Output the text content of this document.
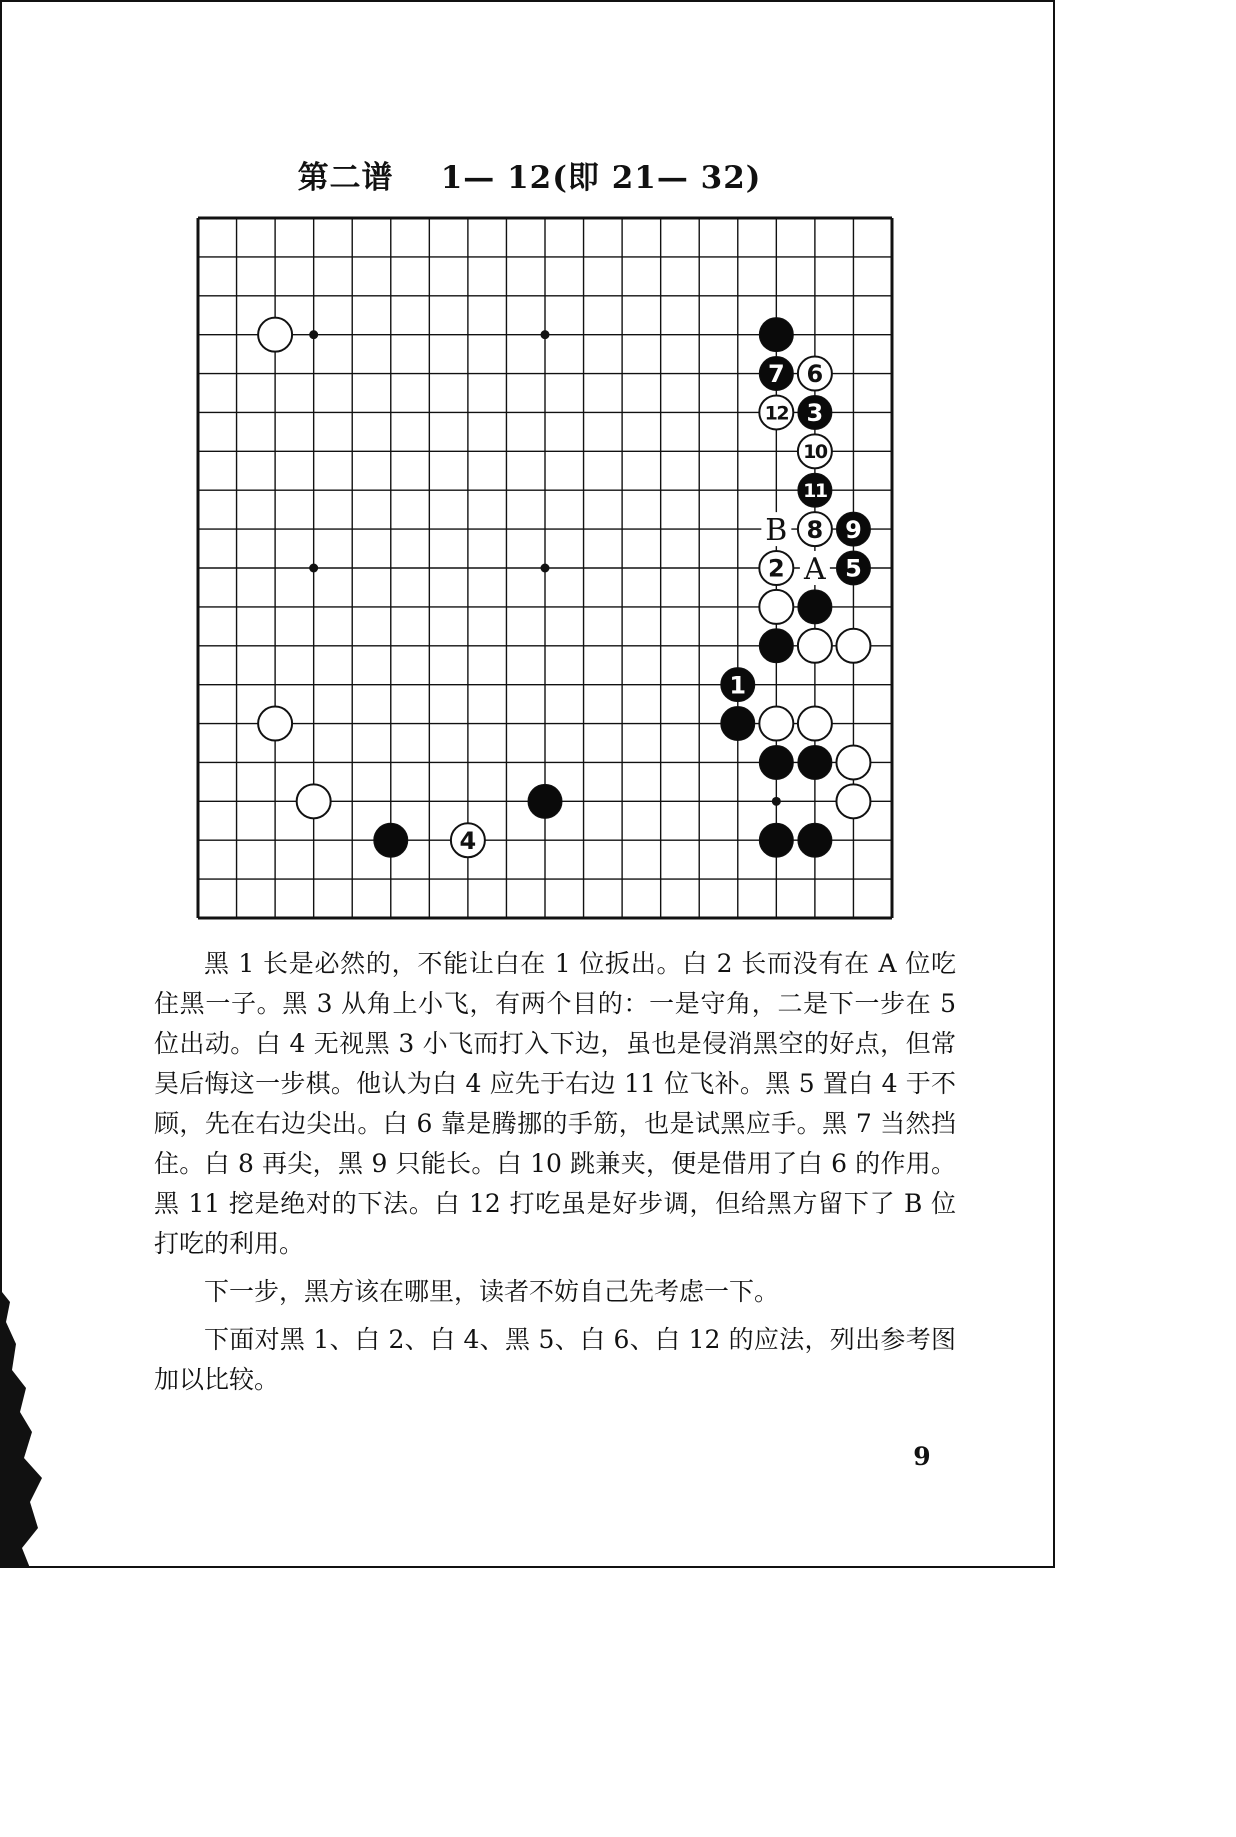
第二谱    1— 12(即 21— 32)
B
A
7 6
12 3
10
11
8 9
2	5
1
4

黑 1 长是必然的，不能让白在 1 位扳出。白 2 长而没有在 A 位吃住黑一子。黑 3 从角上小飞，有两个目的：一是守角，二是下一步在 5 位出动。白 4 无视黑 3 小飞而打入下边，虽也是侵消黑空的好点，但常昊后悔这一步棋。他认为白 4 应先于右边 11 位飞补。黑 5 置白 4 于不顾，先在右边尖出。白 6 靠是腾挪的手筋，也是试黑应手。黑 7 当然挡住。白 8 再尖，黑 9 只能长。白 10 跳兼夹，便是借用了白 6 的作用。黑 11 挖是绝对的下法。白 12 打吃虽是好步调，但给黑方留下了 B 位打吃的利用。

下一步，黑方该在哪里，读者不妨自己先考虑一下。

下面对黑 1、白 2、白 4、黑 5、白 6、白 12 的应法，列出参考图加以比较。

9
